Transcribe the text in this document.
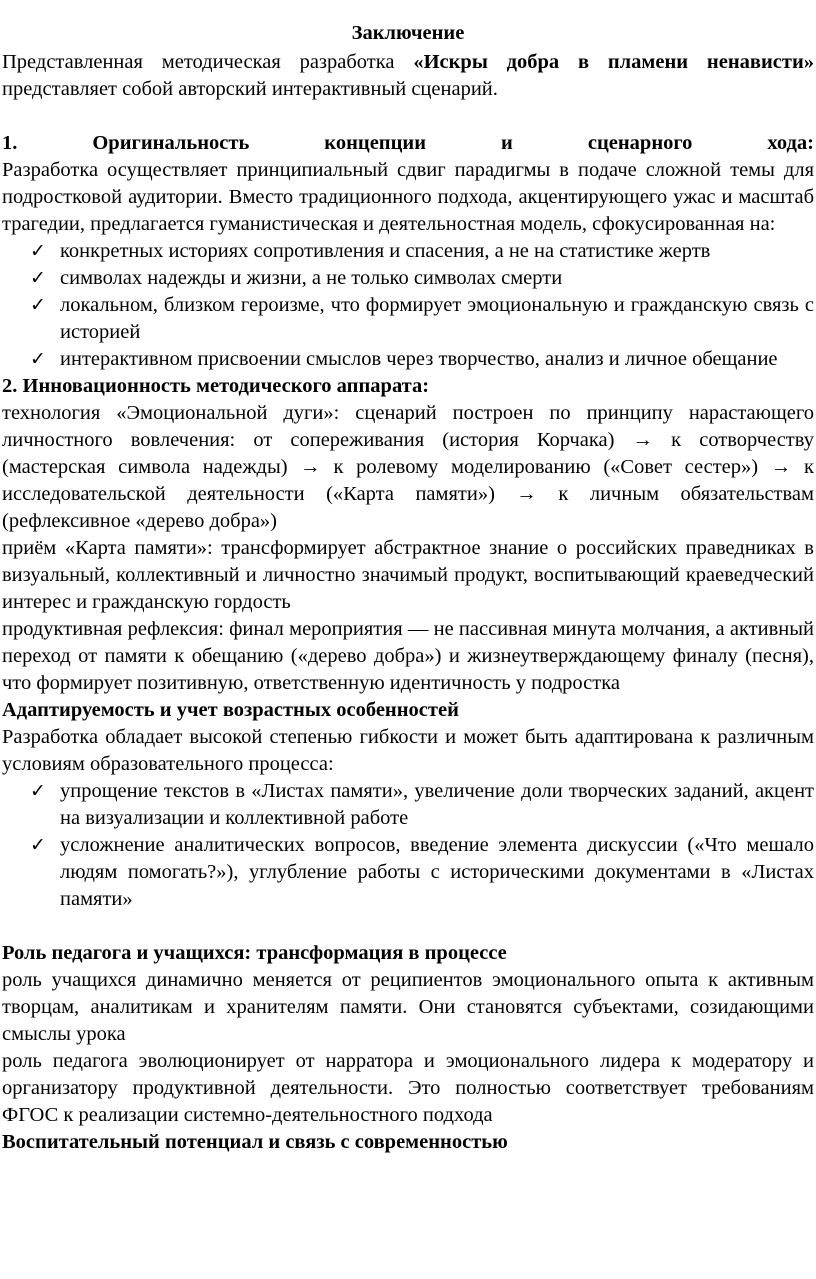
Заключение

Представленная методическая разработка «Искры добра в пламени ненависти» представляет собой авторский интерактивный сценарий.

1. Оригинальность концепции и сценарного хода:

Разработка осуществляет принципиальный сдвиг парадигмы в подаче сложной темы для подростковой аудитории. Вместо традиционного подхода, акцентирующего ужас и масштаб трагедии, предлагается гуманистическая и деятельностная модель, сфокусированная на:

✓ конкретных историях сопротивления и спасения, а не на статистике жертв
✓ символах надежды и жизни, а не только символах смерти
✓ локальном, близком героизме, что формирует эмоциональную и гражданскую связь с историей
✓ интерактивном присвоении смыслов через творчество, анализ и личное обещание

2. Инновационность методического аппарата:

технология «Эмоциональной дуги»: сценарий построен по принципу нарастающего личностного вовлечения: от сопереживания (история Корчака) → к сотворчеству (мастерская символа надежды) → к ролевому моделированию («Совет сестер») → к исследовательской деятельности («Карта памяти») → к личным обязательствам (рефлексивное «дерево добра»)

приём «Карта памяти»: трансформирует абстрактное знание о российских праведниках в визуальный, коллективный и личностно значимый продукт, воспитывающий краеведческий интерес и гражданскую гордость

продуктивная рефлексия: финал мероприятия — не пассивная минута молчания, а активный переход от памяти к обещанию («дерево добра») и жизнеутверждающему финалу (песня), что формирует позитивную, ответственную идентичность у подростка

Адаптируемость и учет возрастных особенностей

Разработка обладает высокой степенью гибкости и может быть адаптирована к различным условиям образовательного процесса:

✓ упрощение текстов в «Листах памяти», увеличение доли творческих заданий, акцент на визуализации и коллективной работе
✓ усложнение аналитических вопросов, введение элемента дискуссии («Что мешало людям помогать?»), углубление работы с историческими документами в «Листах памяти»

Роль педагога и учащихся: трансформация в процессе

роль учащихся динамично меняется от реципиентов эмоционального опыта к активным творцам, аналитикам и хранителям памяти. Они становятся субъектами, созидающими смыслы урока

роль педагога эволюционирует от нарратора и эмоционального лидера к модератору и организатору продуктивной деятельности. Это полностью соответствует требованиям ФГОС к реализации системно-деятельностного подхода

Воспитательный потенциал и связь с современностью
